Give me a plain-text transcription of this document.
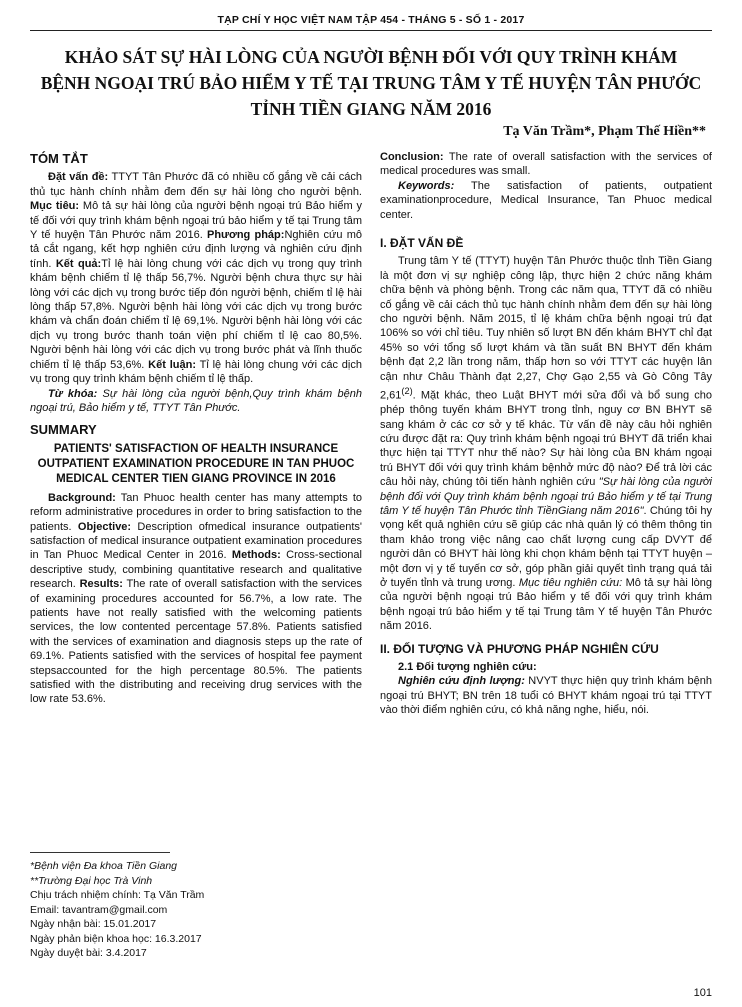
TẠP CHÍ Y HỌC VIỆT NAM TẬP 454 - THÁNG 5 - SỐ 1 - 2017
KHẢO SÁT SỰ HÀI LÒNG CỦA NGƯỜI BỆNH ĐỐI VỚI QUY TRÌNH KHÁM BỆNH NGOẠI TRÚ BẢO HIỂM Y TẾ TẠI TRUNG TÂM Y TẾ HUYỆN TÂN PHƯỚC TỈNH TIỀN GIANG NĂM 2016
Tạ Văn Trầm*, Phạm Thế Hiền**
TÓM TẮT

Đặt vấn đề: TTYT Tân Phước đã có nhiều cố gắng về cải cách thủ tục hành chính nhằm đem đến sự hài lòng cho người bệnh. Mục tiêu: Mô tả sự hài lòng của người bệnh ngoại trú Bảo hiểm y tế đối với quy trình khám bệnh ngoại trú bảo hiểm y tế tại Trung tâm Y tế huyện Tân Phước năm 2016. Phương pháp:Nghiên cứu mô tả cắt ngang, kết hợp nghiên cứu định lượng và nghiên cứu định tính. Kết quả:Tỉ lệ hài lòng chung với các dịch vụ trong quy trình khám bệnh chiếm tỉ lệ thấp 56,7%. Người bệnh chưa thực sự hài lòng với các dịch vụ trong bước tiếp đón người bệnh, chiếm tỉ lệ hài lòng thấp 57,8%. Người bệnh hài lòng với các dịch vụ trong bước khám và chẩn đoán chiếm tỉ lệ 69,1%. Người bệnh hài lòng với các dịch vụ trong bước thanh toán viện phí chiếm tỉ lệ cao 80,5%. Người bệnh hài lòng với các dịch vụ trong bước phát và lĩnh thuốc chiếm tỉ lệ thấp 53,6%. Kết luận: Tỉ lệ hài lòng chung với các dịch vụ trong quy trình khám bệnh chiếm tỉ lệ thấp.

Từ khóa: Sự hài lòng của người bệnh,Quy trình khám bệnh ngoại trú, Bảo hiểm y tế, TTYT Tân Phước.

SUMMARY
PATIENTS' SATISFACTION OF HEALTH INSURANCE OUTPATIENT EXAMINATION PROCEDURE IN TAN PHUOC MEDICAL CENTER TIEN GIANG PROVINCE IN 2016

Background: Tan Phuoc health center has many attempts to reform administrative procedures in order to bring satisfaction to the patients. Objective: Description ofmedical insurance outpatients' satisfaction of medical insurance outpatient examination procedures in Tan Phuoc Medical Center in 2016. Methods: Cross-sectional descriptive study, combining quantitative research and qualitative research. Results: The rate of overall satisfaction with the services of examining procedures accounted for 56.7%, a low rate. The patients have not really satisfied with the welcoming patients services, the low contented percentage 57.8%. Patients satisfied with the services of examination and diagnosis steps up the rate of 69.1%. Patients satisfied with the services of hospital fee payment stepsaccounted for the high percentage 80.5%. The patients satisfied with the distributing and receiving drug services with the low rate 53.6%.

*Bệnh viện Đa khoa Tiền Giang
**Trường Đại học Trà Vinh
Chịu trách nhiệm chính: Tạ Văn Trầm
Email: tavantram@gmail.com
Ngày nhận bài: 15.01.2017
Ngày phản biện khoa học: 16.3.2017
Ngày duyệt bài: 3.4.2017

Conclusion: The rate of overall satisfaction with the services of medical procedures was small.

Keywords: The satisfaction of patients, outpatient examinationprocedure, Medical Insurance, Tan Phuoc medical center.

I. ĐẶT VẤN ĐỀ

Trung tâm Y tế (TTYT) huyện Tân Phước thuộc tỉnh Tiền Giang là một đơn vị sự nghiệp công lập, thực hiện 2 chức năng khám chữa bệnh và phòng bệnh. Trong các năm qua, TTYT đã có nhiều cố gắng về cải cách thủ tục hành chính nhằm đem đến sự hài lòng cho người bệnh. Năm 2015, tỉ lệ khám chữa bệnh ngoại trú đạt 106% so với chỉ tiêu. Tuy nhiên số lượt BN đến khám BHYT chỉ đạt 45% so với tổng số lượt khám và tần suất BN BHYT đến khám bệnh đạt 2,2 lần trong năm, thấp hơn so với TTYT các huyện lân cận như Châu Thành đạt 2,27, Chợ Gạo 2,55 và Gò Công Tây 2,61$^{(2)}$. Mặt khác, theo Luật BHYT mới sửa đổi và bổ sung cho phép thông tuyến khám BHYT trong tỉnh, nguy cơ BN BHYT sẽ sang khám ở các cơ sở y tế khác. Từ vấn đề này câu hỏi nghiên cứu được đặt ra: Quy trình khám bệnh ngoại trú BHYT đã triển khai thực hiện tại TTYT như thế nào? Sự hài lòng của BN khám ngoại trú BHYT đối với quy trình khám bệnhở mức độ nào? Để trả lời các câu hỏi này, chúng tôi tiến hành nghiên cứu "Sự hài lòng của người bệnh đối với Quy trình khám bệnh ngoại trú Bảo hiểm y tế tại Trung tâm Y tế huyện Tân Phước tỉnh TiềnGiang năm 2016". Chúng tôi hy vọng kết quả nghiên cứu sẽ giúp các nhà quản lý có thêm thông tin tham khảo trong việc nâng cao chất lượng cung cấp DVYT để người dân có BHYT hài lòng khi chọn khám bệnh tại TTYT huyện – một đơn vị y tế tuyến cơ sở, góp phần giải quyết tình trạng quá tải ở tuyến tỉnh và trung ương. Mục tiêu nghiên cứu: Mô tả sự hài lòng của người bệnh ngoại trú Bảo hiểm y tế đối với quy trình khám bệnh ngoại trú bảo hiểm y tế tại Trung tâm Y tế huyện Tân Phước năm 2016.

II. ĐỐI TƯỢNG VÀ PHƯƠNG PHÁP NGHIÊN CỨU
2.1 Đối tượng nghiên cứu:

Nghiên cứu định lượng: NVYT thực hiện quy trình khám bệnh ngoại trú BHYT; BN trên 18 tuổi có BHYT khám ngoại trú tại TTYT vào thời điểm nghiên cứu, có khả năng nghe, hiểu, nói.

101
